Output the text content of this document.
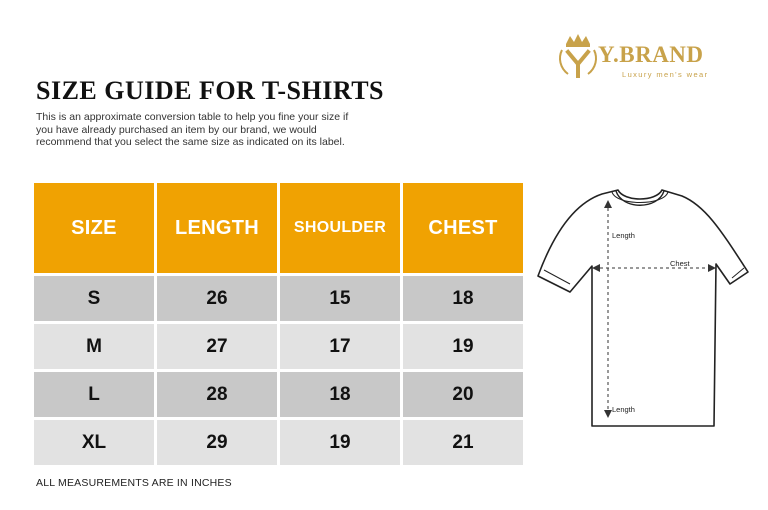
Y.BRAND
Luxury men's wear
SIZE GUIDE FOR T-SHIRTS

This is an approximate conversion table to help you fine your size if you have already purchased an item by our brand, we would recommend that you select the same size as indicated on its label.

SIZE	LENGTH	SHOULDER	CHEST
S	26	15	18
M	27	17	19
L	28	18	20
XL	29	19	21
Length
Chest
Length
ALL MEASUREMENTS ARE IN INCHES
